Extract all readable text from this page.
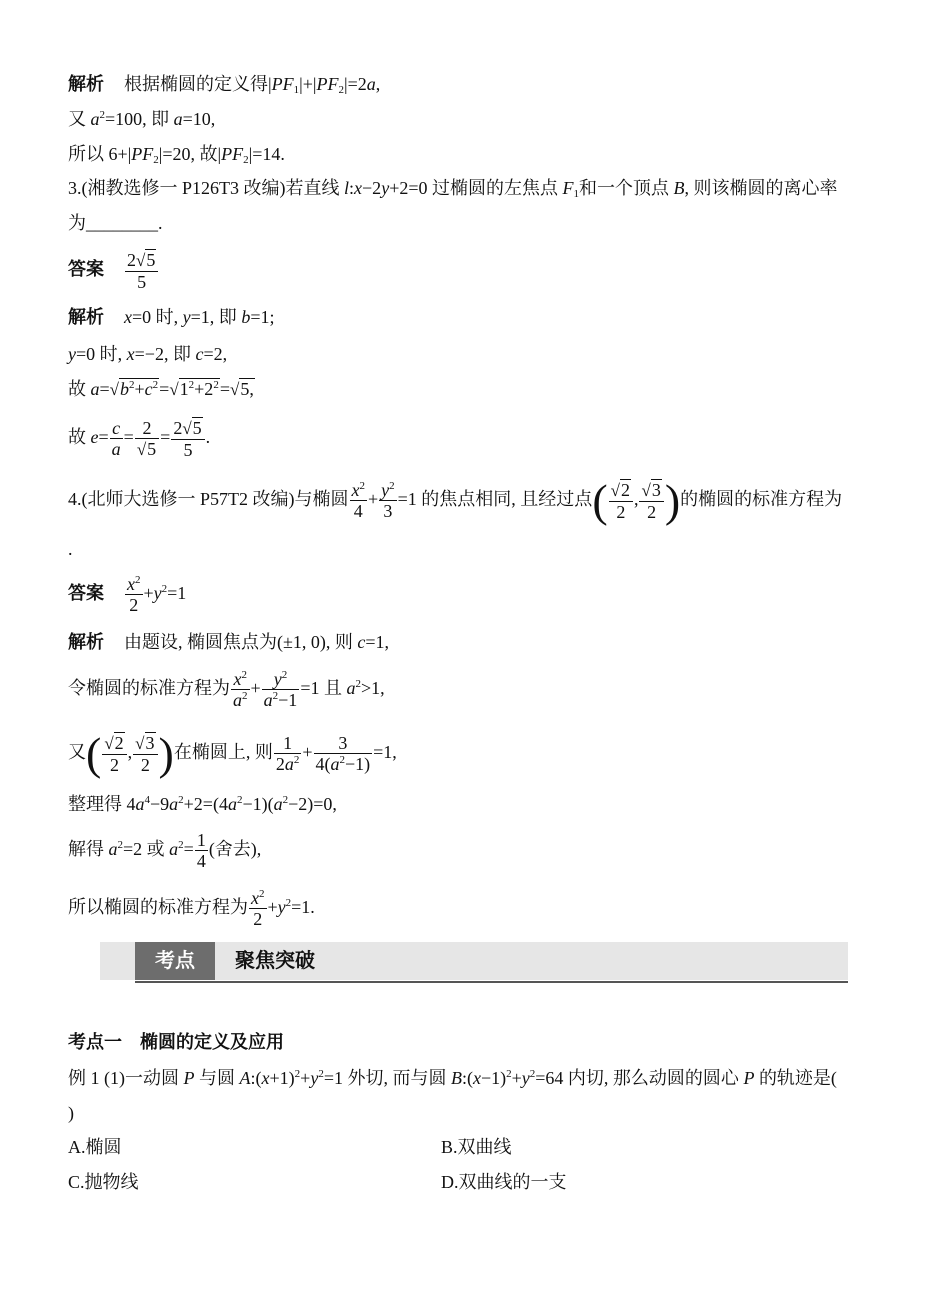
解析 根据椭圆的定义得$|PF_1|+|PF_2|=2a$,
又 $a^2=100$, 即 a=10,
所以 $6+|PF_2|=20$, 故$|PF_2|=14$.
3.(湘教选修一 P126T3 改编)若直线 l:x−2y+2=0 过椭圆的左焦点 $F_1$和一个顶点 B, 则该椭圆的离心率
为________.
答案 $\frac{2√5}{5}$
解析 x=0 时, y=1, 即 b=1;
y=0 时, x=−2, 即 c=2,
故 $a=√b^2+c^2=√1^2+2^2=√5$,
故 $e= \frac{c}{a} = \frac{2}{√5} = \frac{2√5}{5}$ .
4.(北师大选修一 P57T2 改编)与椭圆 $\frac{x^2}{4} + \frac{y^2}{3} =1$ 的焦点相同, 且经过点( $\frac{√2}{2}$ , $\frac{√3}{2}$ )的椭圆的标准方程为
.
答案 $\frac{x^2}{2} +y^2=1$
解析 由题设, 椭圆焦点为(±1, 0), 则 c=1,
令椭圆的标准方程为 $\frac{x^2}{a^2} + \frac{y^2}{a^2-1} =1$ 且 $a^2>1$,
又( $\frac{√2}{2}$ , $\frac{√3}{2}$ )在椭圆上, 则 $\frac{1}{2a^2} + \frac{3}{4(a^2-1)} =1$,
整理得 $4a^4-9a^2+2=(4a^2-1)(a^2-2)=0$,
解得 $a^2=2$ 或 $a^2= \frac{1}{4}$ (舍去),
所以椭圆的标准方程为 $\frac{x^2}{2} +y^2=1$.
考点	聚焦突破
考点一　椭圆的定义及应用
例 1 (1)一动圆 P 与圆 $A:(x+1)^2+y^2=1$ 外切, 而与圆 $B:(x-1)^2+y^2=64$ 内切, 那么动圆的圆心 P 的轨迹是(
)
A.椭圆	B.双曲线
C.抛物线	D.双曲线的一支
